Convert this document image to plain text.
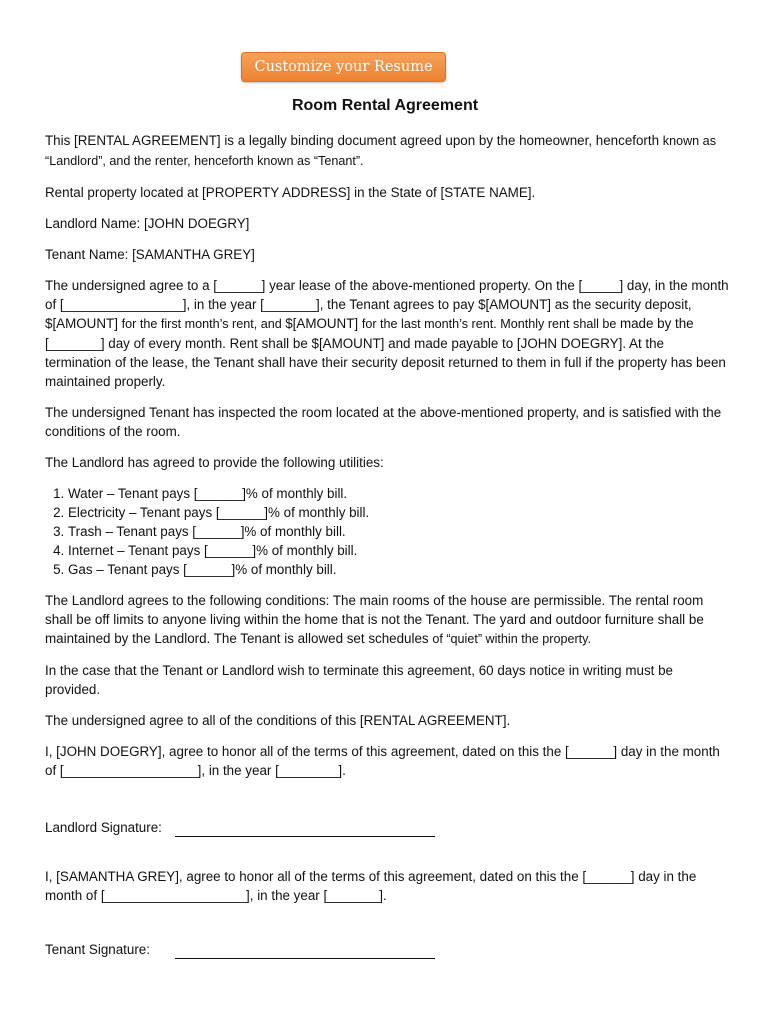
Customize your Resume
Room Rental Agreement

This [RENTAL AGREEMENT] is a legally binding document agreed upon by the homeowner, henceforth known as “Landlord”, and the renter, henceforth known as “Tenant”.

Rental property located at [PROPERTY ADDRESS] in the State of [STATE NAME].

Landlord Name: [JOHN DOEGRY]

Tenant Name: [SAMANTHA GREY]

The undersigned agree to a [______] year lease of the above-mentioned property. On the [_____] day, in the month of [________________], in the year [_______], the Tenant agrees to pay $[AMOUNT] as the security deposit, $[AMOUNT] for the first month’s rent, and $[AMOUNT] for the last month’s rent. Monthly rent shall be made by the [_______] day of every month. Rent shall be $[AMOUNT] and made payable to [JOHN DOEGRY]. At the termination of the lease, the Tenant shall have their security deposit returned to them in full if the property has been maintained properly.

The undersigned Tenant has inspected the room located at the above-mentioned property, and is satisfied with the conditions of the room.

The Landlord has agreed to provide the following utilities:

1. Water – Tenant pays [______]% of monthly bill.
2. Electricity – Tenant pays [______]% of monthly bill.
3. Trash – Tenant pays [______]% of monthly bill.
4. Internet – Tenant pays [______]% of monthly bill.
5. Gas – Tenant pays [______]% of monthly bill.

The Landlord agrees to the following conditions: The main rooms of the house are permissible. The rental room shall be off limits to anyone living within the home that is not the Tenant. The yard and outdoor furniture shall be maintained by the Landlord. The Tenant is allowed set schedules of “quiet” within the property.

In the case that the Tenant or Landlord wish to terminate this agreement, 60 days notice in writing must be provided.

The undersigned agree to all of the conditions of this [RENTAL AGREEMENT].

I, [JOHN DOEGRY], agree to honor all of the terms of this agreement, dated on this the [______] day in the month of [__________________], in the year [________].

Landlord Signature:

I, [SAMANTHA GREY], agree to honor all of the terms of this agreement, dated on this the [______] day in the month of [___________________], in the year [_______].

Tenant Signature:
